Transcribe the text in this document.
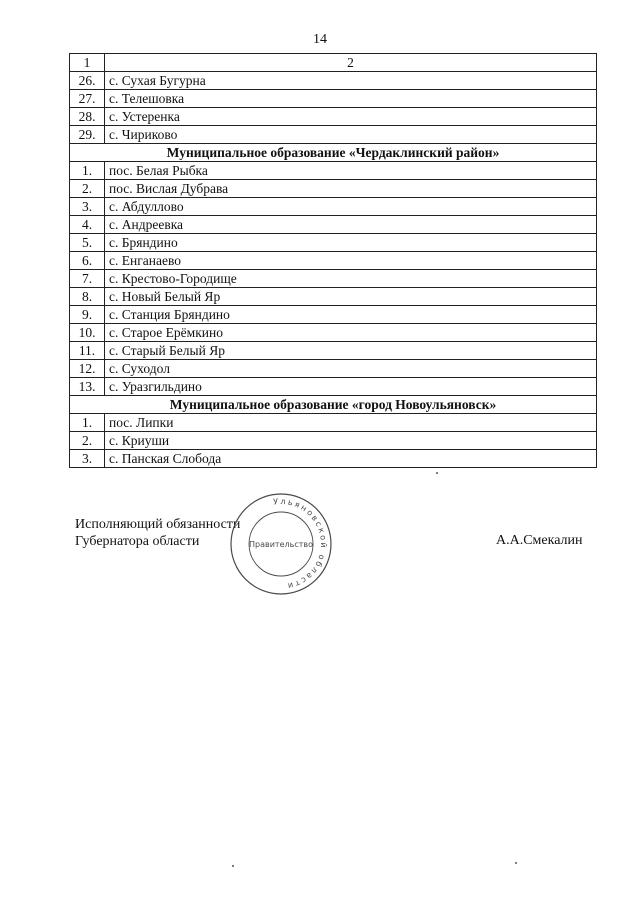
14
1	2
26.	с. Сухая Бугурна
27.	с. Телешовка
28.	с. Устеренка
29.	с. Чириково
Муниципальное образование «Чердаклинский район»	
1.	пос. Белая Рыбка
2.	пос. Вислая Дубрава
3.	с. Абдуллово
4.	с. Андреевка
5.	с. Бряндино
6.	с. Енганаево
7.	с. Крестово-Городище
8.	с. Новый Белый Яр
9.	с. Станция Бряндино
10.	с. Старое Ерёмкино
11.	с. Старый Белый Яр
12.	с. Суходол
13.	с. Уразгильдино
Муниципальное образование «город Новоульяновск»	
1.	пос. Липки
2.	с. Криуши
3.	с. Панская Слобода
Исполняющий обязанности
Губернатора области
Ульяновской области
Правительство	А.А.Смекалин
